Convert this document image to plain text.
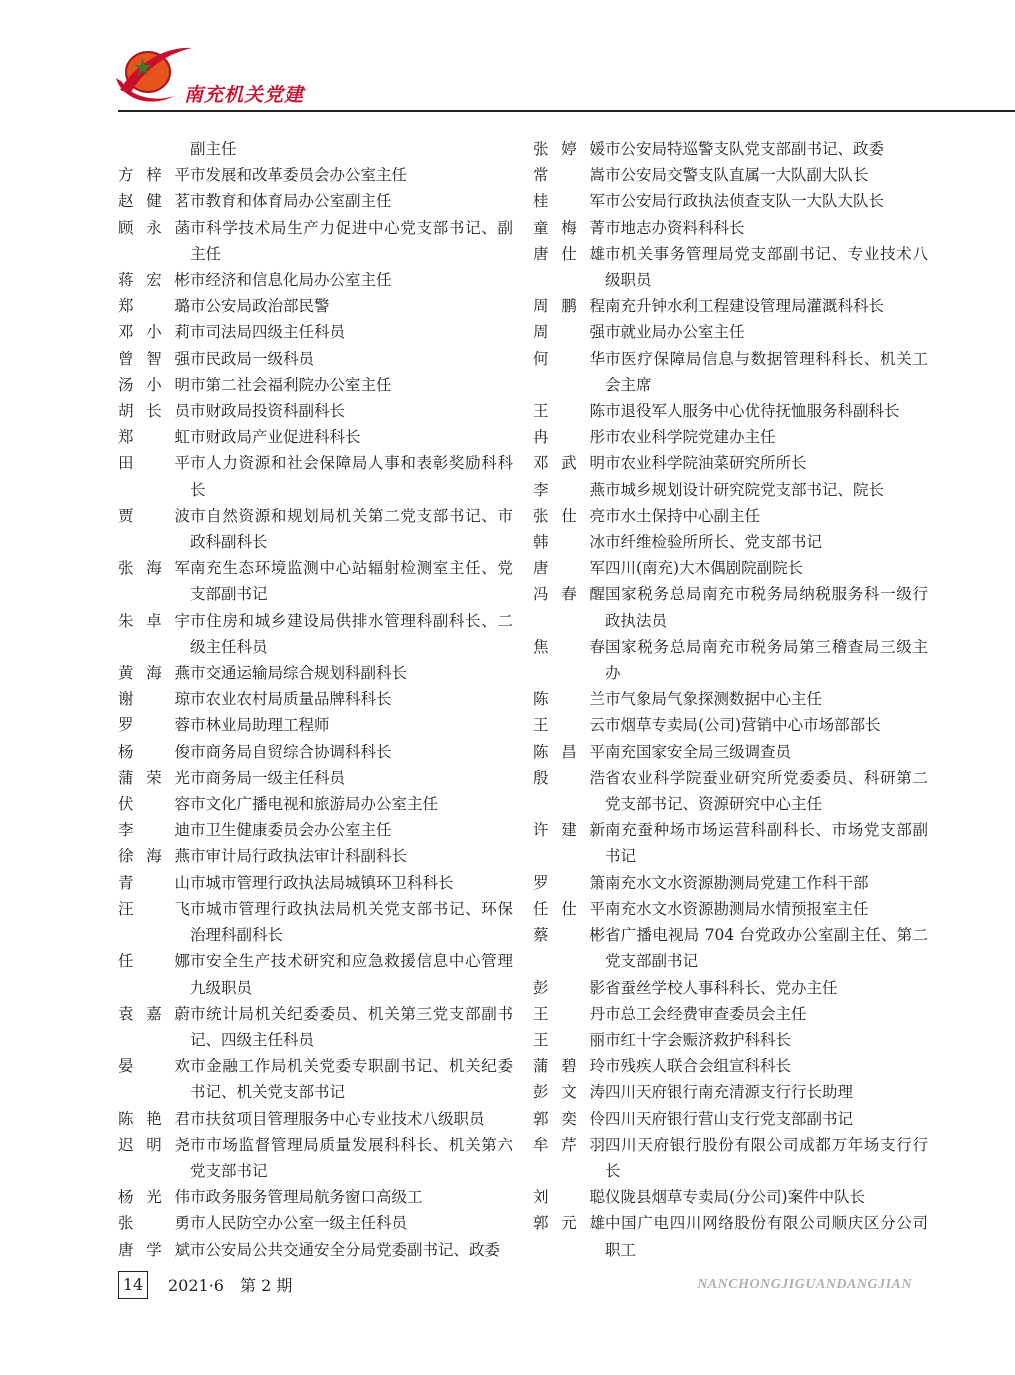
南充机关党建
副主任
方梓平 市发展和改革委员会办公室主任
赵健茗 市教育和体育局办公室副主任
顾永菡 市科学技术局生产力促进中心党支部书记、副主任
蒋宏彬 市经济和信息化局办公室主任
郑　璐 市公安局政治部民警
邓小莉 市司法局四级主任科员
曾智强 市民政局一级科员
汤小明 市第二社会福利院办公室主任
胡长员 市财政局投资科副科长
郑　虹 市财政局产业促进科科长
田　平 市人力资源和社会保障局人事和表彰奖励科科长
贾　波 市自然资源和规划局机关第二党支部书记、市政科副科长
张海军 南充生态环境监测中心站辐射检测室主任、党支部副书记
朱卓宇 市住房和城乡建设局供排水管理科副科长、二级主任科员
黄海燕 市交通运输局综合规划科副科长
谢　琼 市农业农村局质量品牌科科长
罗　蓉 市林业局助理工程师
杨　俊 市商务局自贸综合协调科科长
蒲荣光 市商务局一级主任科员
伏　容 市文化广播电视和旅游局办公室主任
李　迪 市卫生健康委员会办公室主任
徐海燕 市审计局行政执法审计科副科长
青　山 市城市管理行政执法局城镇环卫科科长
汪　飞 市城市管理行政执法局机关党支部书记、环保治理科副科长
任　娜 市安全生产技术研究和应急救援信息中心管理九级职员
袁嘉蔚 市统计局机关纪委委员、机关第三党支部副书记、四级主任科员
晏　欢 市金融工作局机关党委专职副书记、机关纪委书记、机关党支部书记
陈艳君 市扶贫项目管理服务中心专业技术八级职员
迟明尧 市市场监督管理局质量发展科科长、机关第六党支部书记
杨光伟 市政务服务管理局航务窗口高级工
张　勇 市人民防空办公室一级主任科员
唐学斌 市公安局公共交通安全分局党委副书记、政委
张婷媛 市公安局特巡警支队党支部副书记、政委
常　嵩 市公安局交警支队直属一大队副大队长
桂　军 市公安局行政执法侦查支队一大队大队长
童梅菁 市地志办资料科科长
唐仕雄 市机关事务管理局党支部副书记、专业技术八级职员
周鹏程 南充升钟水利工程建设管理局灌溉科科长
周　强 市就业局办公室主任
何　华 市医疗保障局信息与数据管理科科长、机关工会主席
王　陈 市退役军人服务中心优待抚恤服务科副科长
冉　彤 市农业科学院党建办主任
邓武明 市农业科学院油菜研究所所长
李　燕 市城乡规划设计研究院党支部书记、院长
张仕亮 市水土保持中心副主任
韩　冰 市纤维检验所所长、党支部书记
唐　军 四川(南充)大木偶剧院副院长
冯春醒 国家税务总局南充市税务局纳税服务科一级行政执法员
焦　春 国家税务总局南充市税务局第三稽查局三级主办
陈　兰 市气象局气象探测数据中心主任
王　云 市烟草专卖局(公司)营销中心市场部部长
陈昌平 南充国家安全局三级调查员
殷　浩 省农业科学院蚕业研究所党委委员、科研第二党支部书记、资源研究中心主任
许建新 南充蚕种场市场运营科副科长、市场党支部副书记
罗　箫 南充水文水资源勘测局党建工作科干部
任仕平 南充水文水资源勘测局水情预报室主任
蔡　彬 省广播电视局 704 台党政办公室副主任、第二党支部副书记
彭　影 省蚕丝学校人事科科长、党办主任
王　丹 市总工会经费审查委员会主任
王　丽 市红十字会赈济救护科科长
蒲碧玲 市残疾人联合会组宣科科长
彭文涛 四川天府银行南充清源支行行长助理
郭奕伶 四川天府银行营山支行党支部副书记
牟芹羽 四川天府银行股份有限公司成都万年场支行行长
刘　聪 仪陇县烟草专卖局(分公司)案件中队长
郭元雄 中国广电四川网络股份有限公司顺庆区分公司职工
14	2021·6　第 2 期	NANCHONGJIGUANDANGJIAN
